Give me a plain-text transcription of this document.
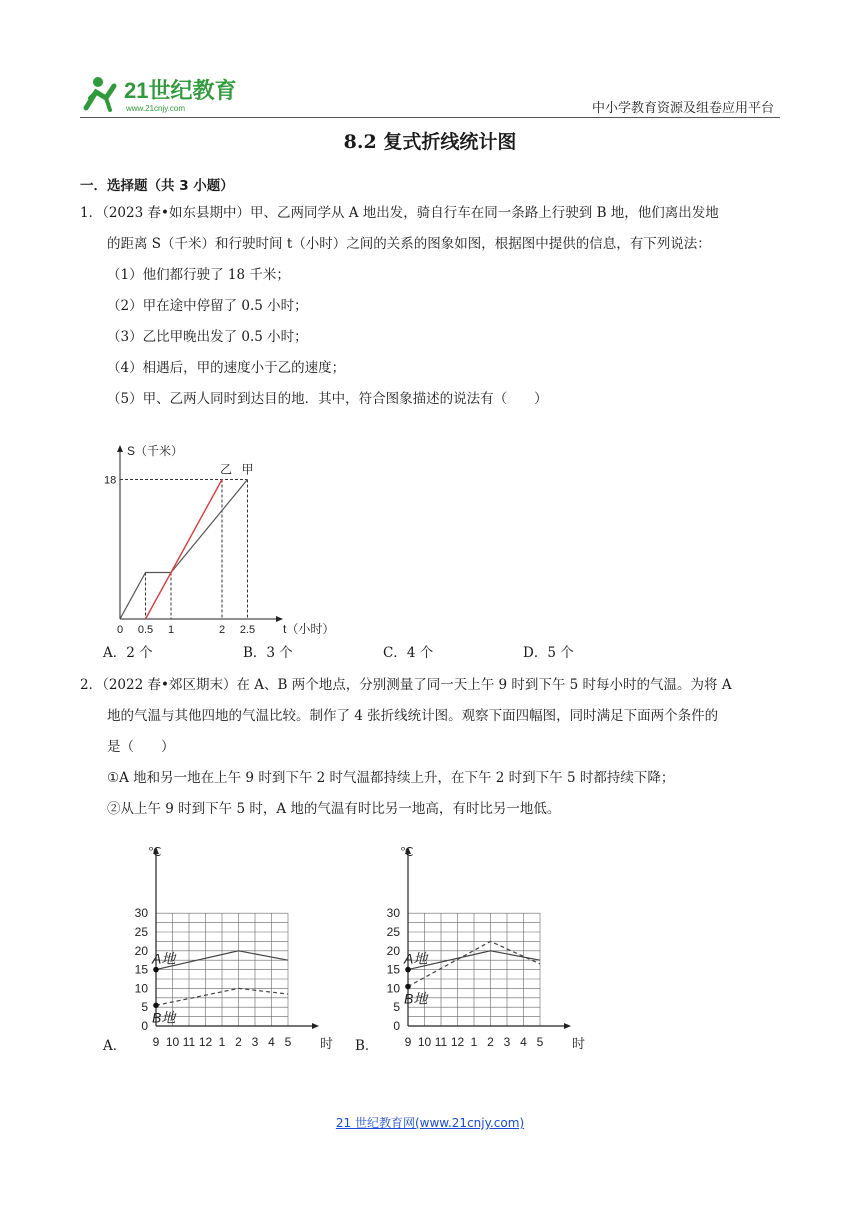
21世纪教育
www.21cnjy.com	中小学教育资源及组卷应用平台
8.2 复式折线统计图
一．选择题（共 3 小题）
1．（2023 春•如东县期中）甲、乙两同学从 A 地出发，骑自行车在同一条路上行驶到 B 地，他们离出发地
的距离 S（千米）和行驶时间 t（小时）之间的关系的图象如图，根据图中提供的信息，有下列说法：
（1）他们都行驶了 18 千米；
（2）甲在途中停留了 0.5 小时；
（3）乙比甲晚出发了 0.5 小时；
（4）相遇后，甲的速度小于乙的速度；
（5）甲、乙两人同时到达目的地．其中，符合图象描述的说法有（　　）
S（千米）
t（小时）
0 0.5 1	2 2.5
18
乙 甲
A．2 个	B．3 个	C．4 个	D．5 个
2．（2022 春•郊区期末）在 A、B 两个地点，分别测量了同一天上午 9 时到下午 5 时每小时的气温。为将 A
地的气温与其他四地的气温比较。制作了 4 张折线统计图。观察下面四幅图，同时满足下面两个条件的
是（　　）
①A 地和另一地在上午 9 时到下午 2 时气温都持续上升，在下午 2 时到下午 5 时都持续下降；
②从上午 9 时到下午 5 时，A 地的气温有时比另一地高，有时比另一地低。
℃
时
0
5
10
15
20
25
30
9 10 11 12 1 2 3 4 5
A地
B地
℃
时
0
5
10
15
20
25
30
9 10 11 12 1 2 3 4 5
A地
B地
A．	B．
21 世纪教育网(www.21cnjy.com)
